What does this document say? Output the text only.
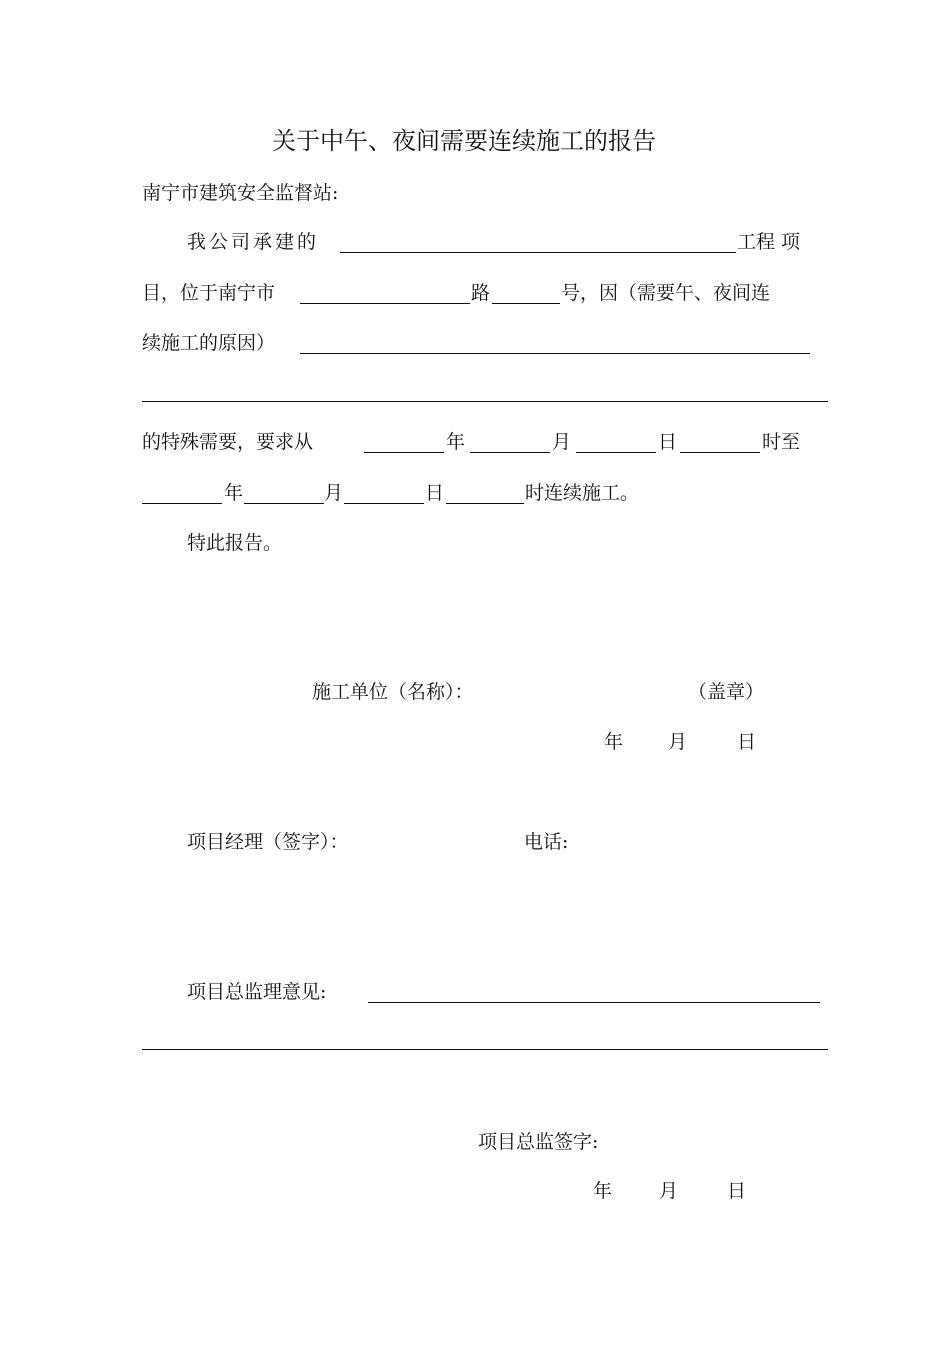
关于中午、夜间需要连续施工的报告
南宁市建筑安全监督站:
我公司承建的	工程 项
目，位于南宁市	路	号，因（需要午、夜间连
续施工的原因）
的特殊需要，要求从	年	月	日	时至
年	月	日	时连续施工。
特此报告。
施工单位（名称）：	（盖章）
年 月	日
项目经理（签字）：	电话:
项目总监理意见:
项目总监签字:
年 月	日
